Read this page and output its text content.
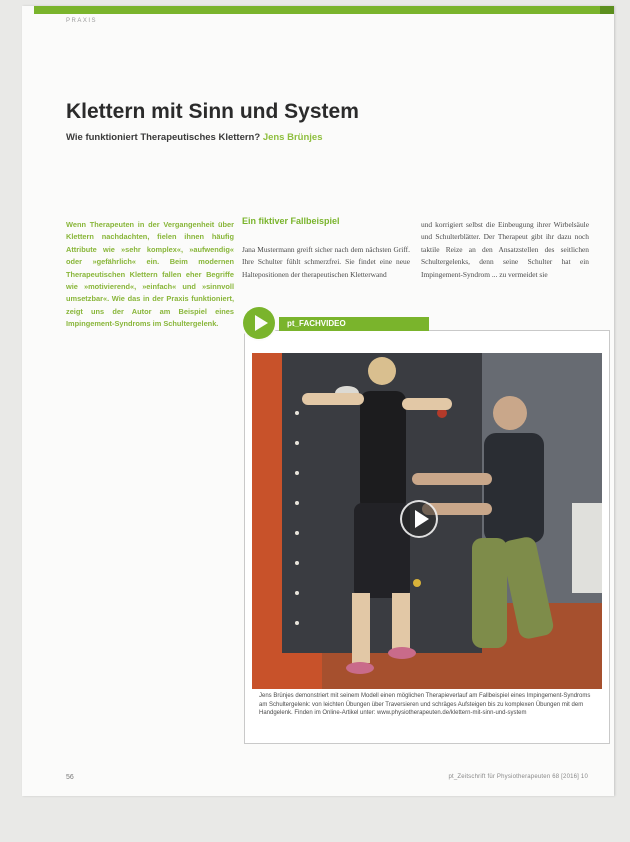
PRAXIS
Klettern mit Sinn und System
Wie funktioniert Therapeutisches Klettern? Jens Brünjes

Wenn Therapeuten in der Vergangenheit über Klettern nachdachten, fielen ihnen häufig Attribute wie »sehr komplex«, »aufwendig« oder »gefährlich« ein. Beim modernen Therapeutischen Klettern fallen eher Begriffe wie »motivierend«, »einfach« und »sinnvoll umsetzbar«. Wie das in der Praxis funktioniert, zeigt uns der Autor am Beispiel eines Impingement-Syndroms im Schultergelenk.

Ein fiktiver Fallbeispiel

Jana Mustermann greift sicher nach dem nächsten Griff. Ihre Schulter fühlt schmerzfrei. Sie findet eine neue Haltepositionen der therapeutischen Kletterwand

und korrigiert selbst die Einbeugung ihrer Wirbelsäule und Schulterblätter. Der Therapeut gibt ihr dazu noch taktile Reize an den Ansatzstellen des seitlichen Schultergelenks, denn seine Schulter hat ein Impingement-Syndrom ... zu vermeidet sie

Jens Brünjes demonstriert mit seinem Modell einen möglichen Therapieverlauf am Fallbeispiel eines Impingement-Syndroms am Schultergelenk: von leichten Übungen über Traversieren und schräges Aufsteigen bis zu komplexen Übungen mit dem Handgelenk. Finden im Online-Artikel unter: www.physiotherapeuten.de/klettern-mit-sinn-und-system

pt_FACHVIDEO
56	pt_Zeitschrift für Physiotherapeuten 68 [2016] 10
